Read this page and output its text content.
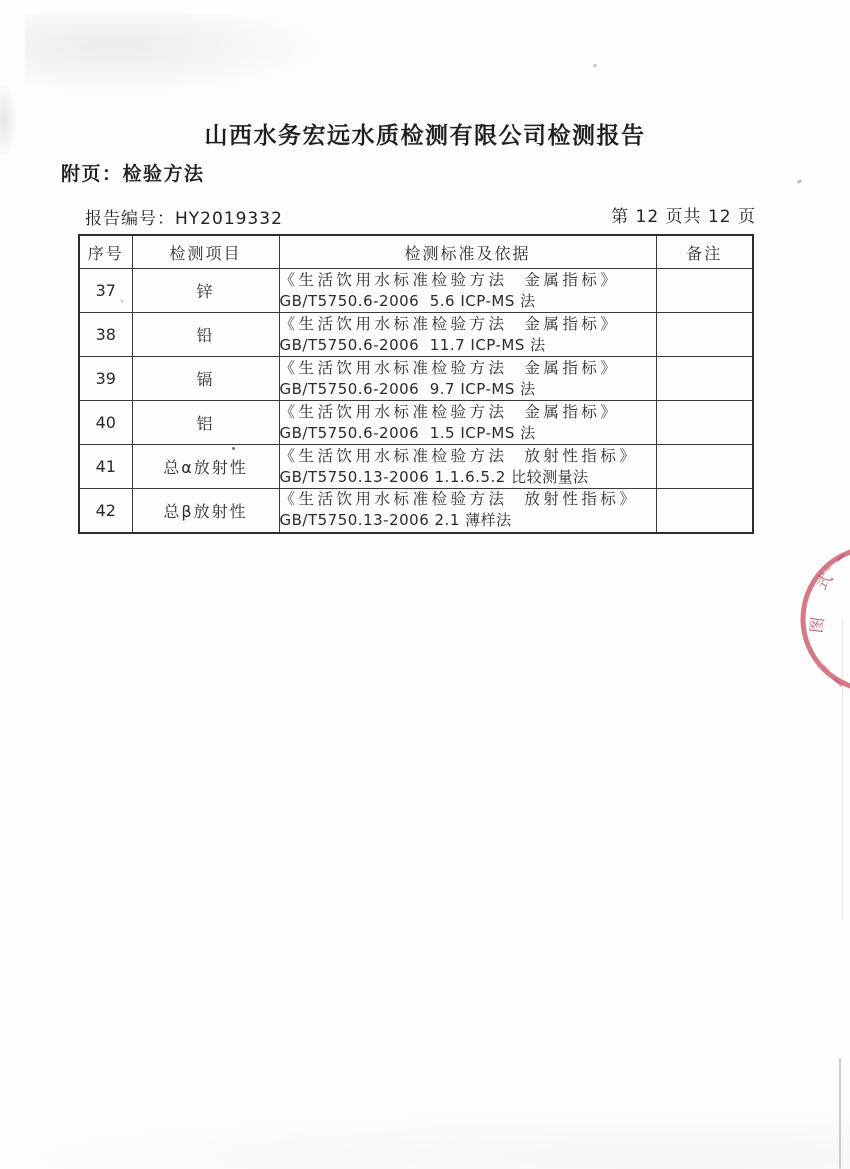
山西水务宏远水质检测有限公司检测报告
附页：检验方法
报告编号：HY2019332	第 12 页共 12 页
序号	检测项目	检测标准及依据	备注
37	锌	《生活饮用水标准检验方法  金属指标》
GB/T5750.6-2006  5.6 ICP-MS 法	

38	铅	《生活饮用水标准检验方法  金属指标》
GB/T5750.6-2006  11.7 ICP-MS 法	

39	镉	《生活饮用水标准检验方法  金属指标》
GB/T5750.6-2006  9.7 ICP-MS 法	

40	铝	《生活饮用水标准检验方法  金属指标》
GB/T5750.6-2006  1.5 ICP-MS 法	

41	总α放射性	《生活饮用水标准检验方法  放射性指标》
GB/T5750.13-2006 1.1.6.5.2 比较测量法	

42	总β放射性	《生活饮用水标准检验方法  放射性指标》
GB/T5750.13-2006 2.1 薄样法	

式
图
